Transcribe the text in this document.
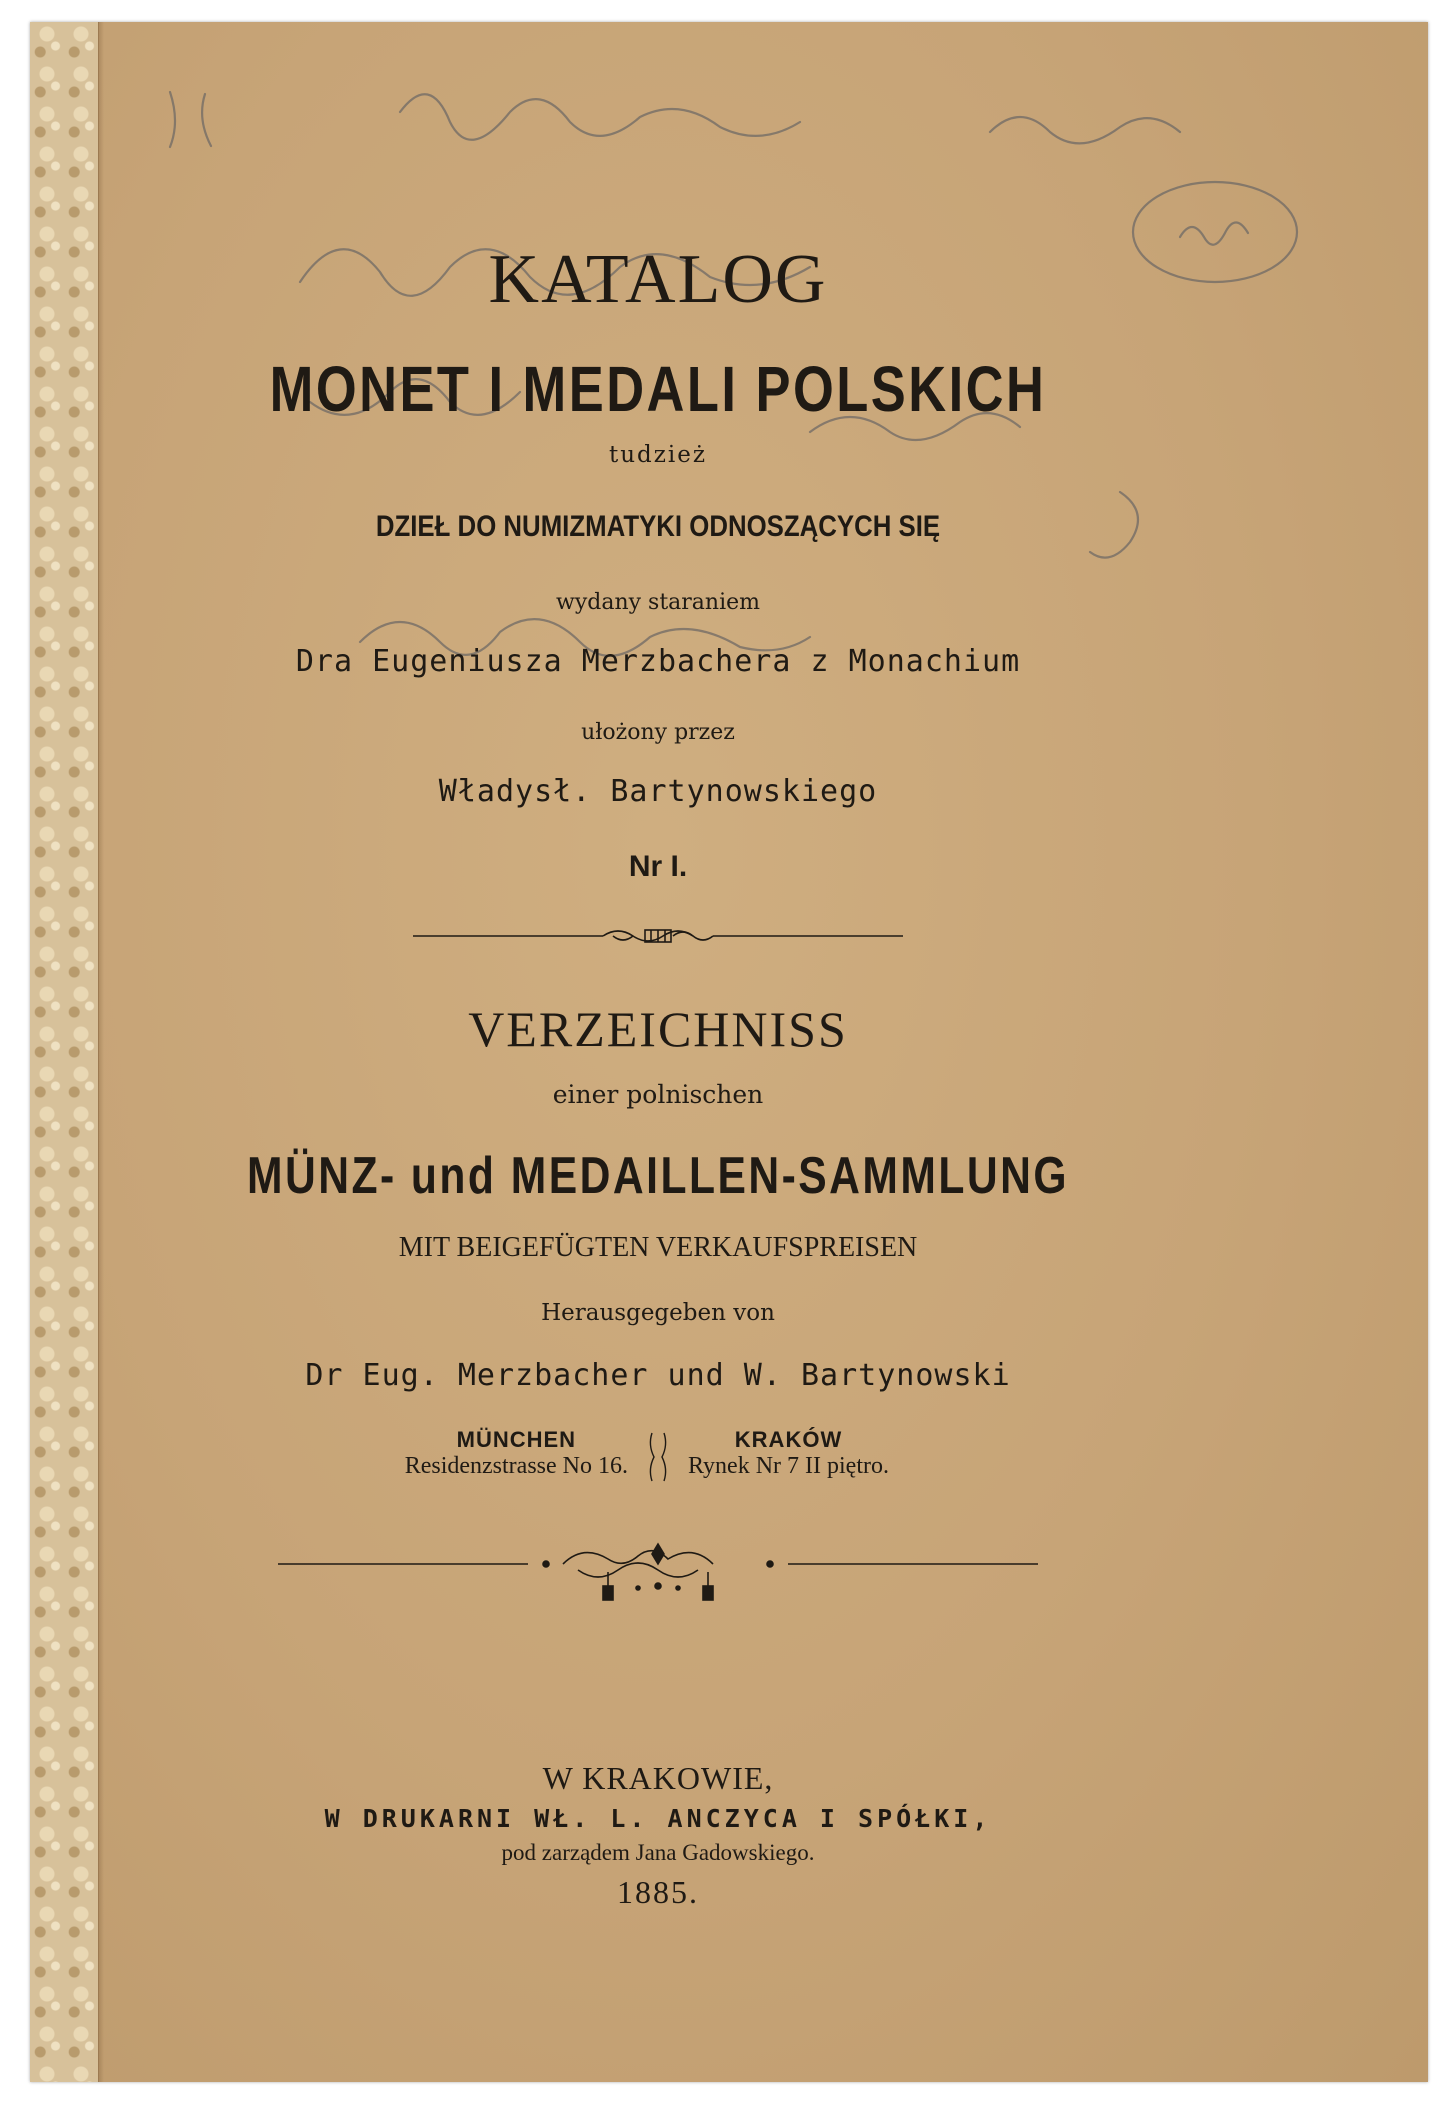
KATALOG
MONET I MEDALI POLSKICH
tudzież
DZIEŁ DO NUMIZMATYKI ODNOSZĄCYCH SIĘ
wydany staraniem
Dra Eugeniusza Merzbachera z Monachium
ułożony przez
Władysł. Bartynowskiego
Nr I.
VERZEICHNISS
einer polnischen
MÜNZ- und MEDAILLEN-SAMMLUNG
MIT BEIGEFÜGTEN VERKAUFSPREISEN
Herausgegeben von
Dr Eug. Merzbacher und W. Bartynowski
MÜNCHEN
Residenzstrasse No 16.
KRAKÓW
Rynek Nr 7 II piętro.
W KRAKOWIE,
W DRUKARNI WŁ. L. ANCZYCA I SPÓŁKI,
pod zarządem Jana Gadowskiego.
1885.
